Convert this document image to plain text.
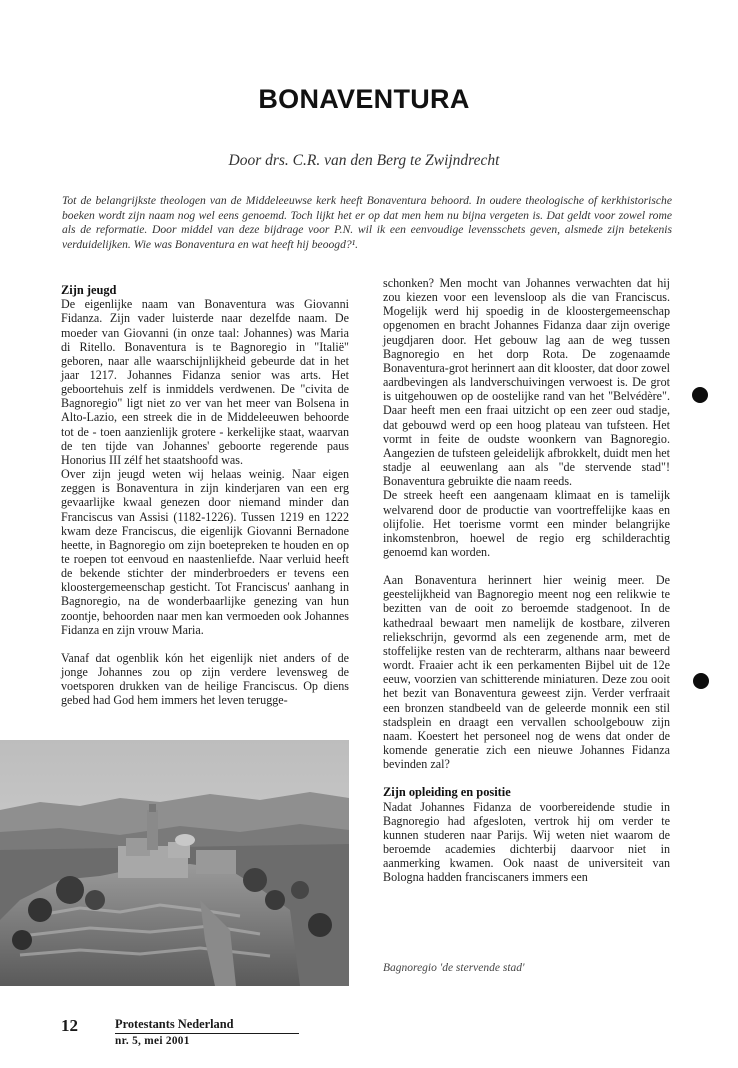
BONAVENTURA
Door drs. C.R. van den Berg te Zwijndrecht
Tot de belangrijkste theologen van de Middeleeuwse kerk heeft Bonaventura behoord. In oudere theologische of kerkhistorische boeken wordt zijn naam nog wel eens genoemd. Toch lijkt het er op dat men hem nu bijna vergeten is. Dat geldt voor zowel rome als de reformatie. Door middel van deze bijdrage voor P.N. wil ik een eenvoudige levensschets geven, alsmede zijn betekenis verduidelijken. Wie was Bonaventura en wat heeft hij beoogd?¹.
Zijn jeugd

De eigenlijke naam van Bonaventura was Giovanni Fidanza. Zijn vader luisterde naar dezelfde naam. De moeder van Giovanni (in onze taal: Johannes) was Maria di Ritello. Bonaventura is te Bagnoregio in "Italië" geboren, naar alle waarschijnlijkheid gebeurde dat in het jaar 1217. Johannes Fidanza senior was arts. Het geboortehuis zelf is inmiddels verdwenen. De "civita de Bagnoregio" ligt niet zo ver van het meer van Bolsena in Alto-Lazio, een streek die in de Middeleeuwen behoorde tot de - toen aanzienlijk grotere - kerkelijke staat, waarvan de ten tijde van Johannes' geboorte regerende paus Honorius III zélf het staatshoofd was.

Over zijn jeugd weten wij helaas weinig. Naar eigen zeggen is Bonaventura in zijn kinderjaren van een erg gevaarlijke kwaal genezen door niemand minder dan Franciscus van Assisi (1182-1226). Tussen 1219 en 1222 kwam deze Franciscus, die eigenlijk Giovanni Bernadone heette, in Bagnoregio om zijn boetepreken te houden en op te roepen tot eenvoud en naastenliefde. Naar verluid heeft de bekende stichter der minderbroeders er tevens een kloostergemeenschap gesticht. Tot Franciscus' aanhang in Bagnoregio, na de wonderbaarlijke genezing van hun zoontje, behoorden naar men kan vermoeden ook Johannes Fidanza en zijn vrouw Maria.

Vanaf dat ogenblik kón het eigenlijk niet anders of de jonge Johannes zou op zijn verdere levensweg de voetsporen drukken van de heilige Franciscus. Op diens gebed had God hem immers het leven terugge-

schonken? Men mocht van Johannes verwachten dat hij zou kiezen voor een levensloop als die van Franciscus. Mogelijk werd hij spoedig in de kloostergemeenschap opgenomen en bracht Johannes Fidanza daar zijn overige jeugdjaren door. Het gebouw lag aan de weg tussen Bagnoregio en het dorp Rota. De zogenaamde Bonaventura-grot herinnert aan dit klooster, dat door zowel aardbevingen als landverschuivingen verwoest is. De grot is uitgehouwen op de oostelijke rand van het "Belvédère". Daar heeft men een fraai uitzicht op een zeer oud stadje, dat gebouwd werd op een hoog plateau van tufsteen. Het vormt in feite de oudste woonkern van Bagnoregio. Aangezien de tufsteen geleidelijk afbrokkelt, duidt men het stadje al eeuwenlang aan als "de stervende stad"! Bonaventura gebruikte die naam reeds.

De streek heeft een aangenaam klimaat en is tamelijk welvarend door de productie van voortreffelijke kaas en olijfolie. Het toerisme vormt een minder belangrijke inkomstenbron, hoewel de regio erg schilderachtig genoemd kan worden.

Aan Bonaventura herinnert hier weinig meer. De geestelijkheid van Bagnoregio meent nog een relikwie te bezitten van de ooit zo beroemde stadgenoot. In de kathedraal bewaart men namelijk de kostbare, zilveren reliekschrijn, gevormd als een zegenende arm, met de stoffelijke resten van de rechterarm, althans naar beweerd wordt. Fraaier acht ik een perkamenten Bijbel uit de 12e eeuw, voorzien van schitterende miniaturen. Deze zou ooit het bezit van Bonaventura geweest zijn. Verder verfraait een bronzen standbeeld van de geleerde monnik een stil stadsplein en draagt een vervallen schoolgebouw zijn naam. Koestert het personeel nog de wens dat onder de komende generatie zich een nieuwe Johannes Fidanza bevinden zal?

Zijn opleiding en positie

Nadat Johannes Fidanza de voorbereidende studie in Bagnoregio had afgesloten, vertrok hij om verder te kunnen studeren naar Parijs. Wij weten niet waarom de beroemde academies dichterbij daarvoor niet in aanmerking kwamen. Ook naast de universiteit van Bologna hadden franciscaners immers een

Bagnoregio 'de stervende stad'
12	Protestants Nederland
nr. 5, mei 2001
